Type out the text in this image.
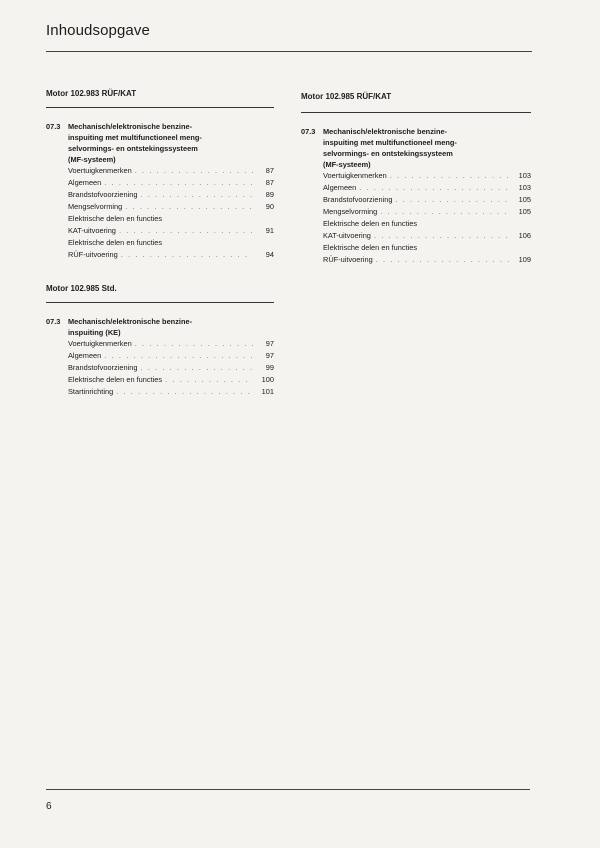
Inhoudsopgave
Motor 102.983 RÜF/KAT
07.3	Mechanisch/elektronische benzine-
inspuiting met multifunctioneel meng-
selvormings- en ontstekingssysteem
(MF-systeem)
Voertuigkenmerken . . .	87
Algemeen . . .	87
Brandstofvoorziening . . .	89
Mengselvorming . . .	90
Elektrische delen en functies
KAT-uitvoering . . .	91
Elektrische delen en functies
RÜF-uitvoering . . .	94
Motor 102.985 Std.
07.3	Mechanisch/elektronische benzine-
inspuiting (KE)
Voertuigkenmerken . . .	97
Algemeen . . .	97
Brandstofvoorziening . . .	99
Elektrische delen en functies . . .	100
Startinrichting . . .	101
Motor 102.985 RÜF/KAT
07.3	Mechanisch/elektronische benzine-
inspuiting met multifunctioneel meng-
selvormings- en ontstekingssysteem
(MF-systeem)
Voertuigkenmerken . . .	103
Algemeen . . .	103
Brandstofvoorziening . . .	105
Mengselvorming . . .	105
Elektrische delen en functies
KAT-uitvoering . . .	106
Elektrische delen en functies
RÜF-uitvoering . . .	109
6
